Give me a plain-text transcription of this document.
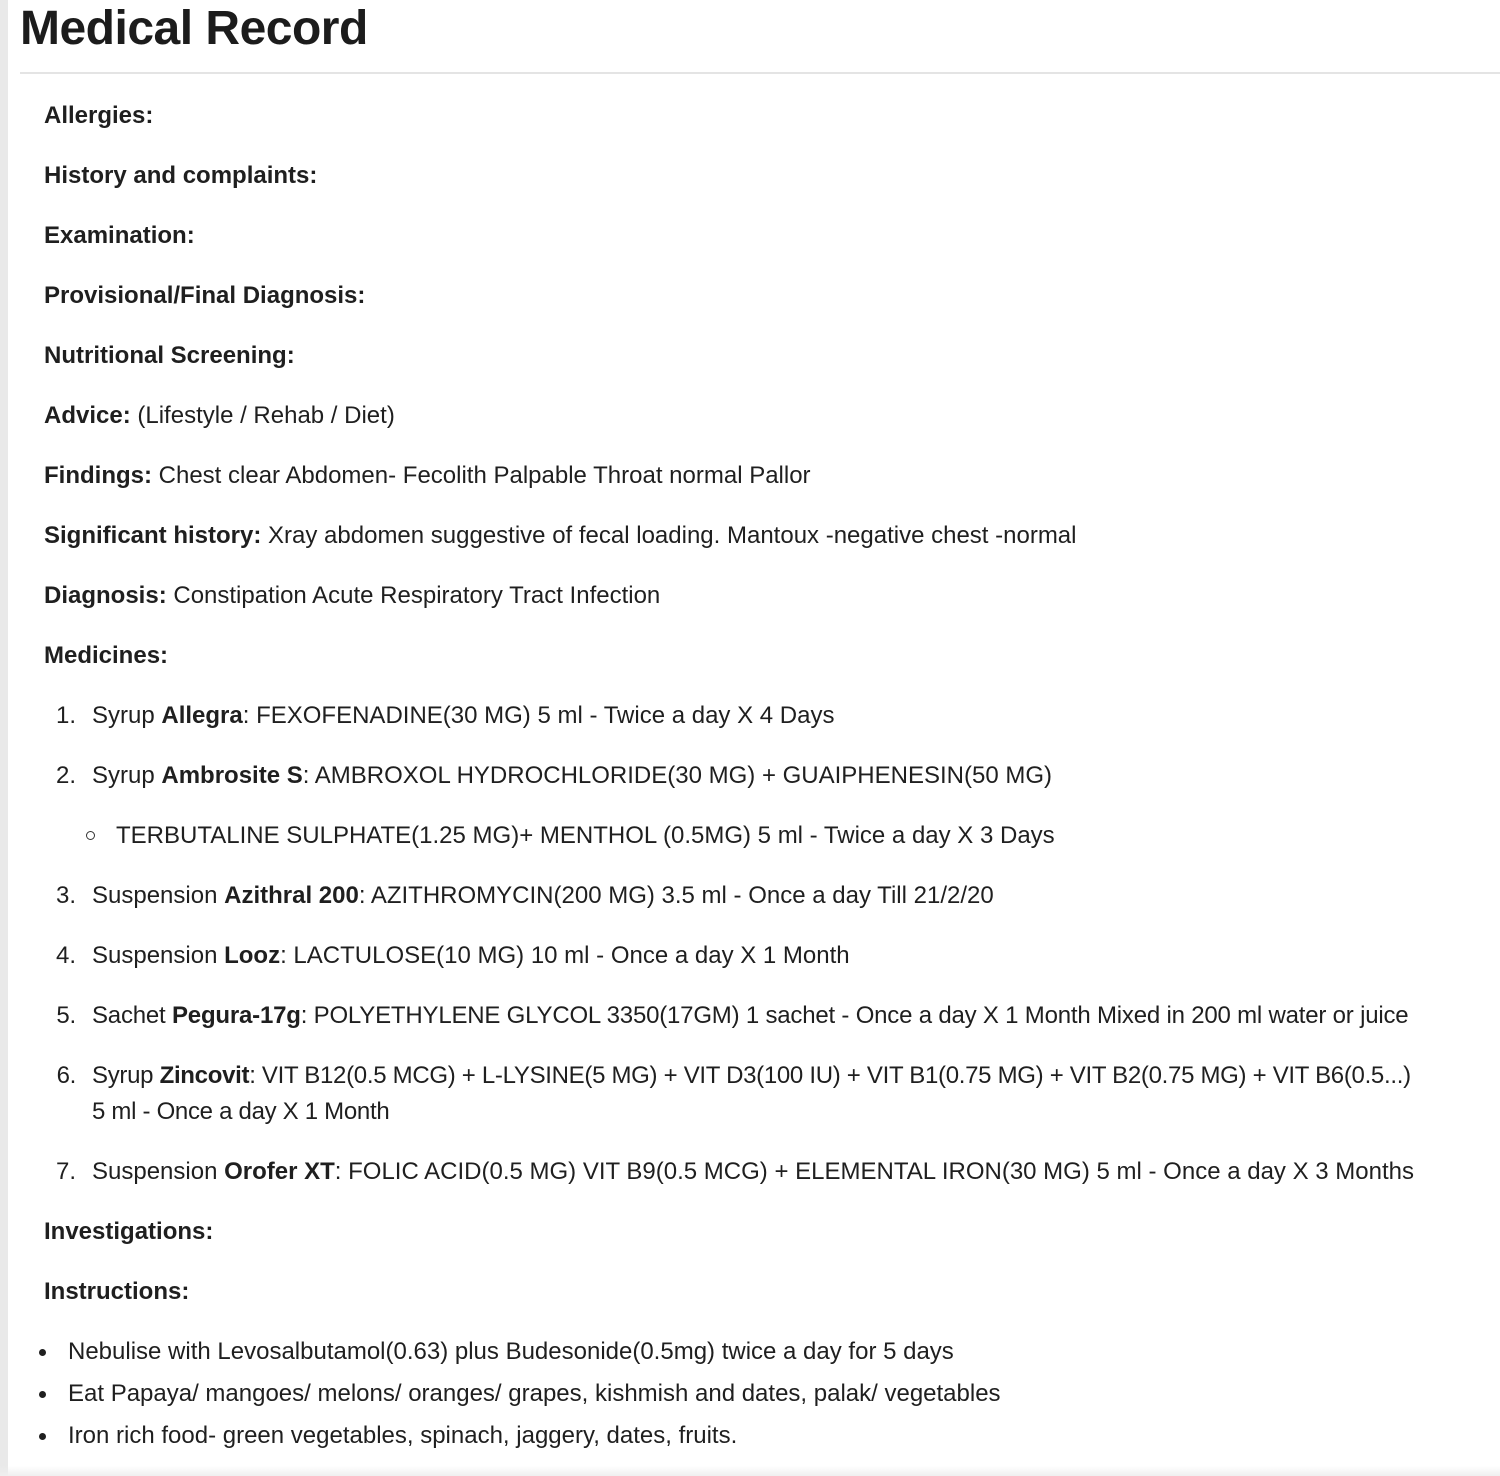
Medical Record

Allergies:

History and complaints:

Examination:

Provisional/Final Diagnosis:

Nutritional Screening:

Advice: (Lifestyle / Rehab / Diet)

Findings: Chest clear Abdomen- Fecolith Palpable Throat normal Pallor

Significant history: Xray abdomen suggestive of fecal loading. Mantoux -negative chest -normal

Diagnosis: Constipation Acute Respiratory Tract Infection

Medicines:

1. Syrup Allegra: FEXOFENADINE(30 MG) 5 ml - Twice a day X 4 Days
2. Syrup Ambrosite S: AMBROXOL HYDROCHLORIDE(30 MG) + GUAIPHENESIN(50 MG)
TERBUTALINE SULPHATE(1.25 MG)+ MENTHOL (0.5MG) 5 ml - Twice a day X 3 Days
3. Suspension Azithral 200: AZITHROMYCIN(200 MG) 3.5 ml - Once a day Till 21/2/20
4. Suspension Looz: LACTULOSE(10 MG) 10 ml - Once a day X 1 Month
5. Sachet Pegura-17g: POLYETHYLENE GLYCOL 3350(17GM) 1 sachet - Once a day X 1 Month Mixed in 200 ml water or juice
6. Syrup Zincovit: VIT B12(0.5 MCG) + L-LYSINE(5 MG) + VIT D3(100 IU) + VIT B1(0.75 MG) + VIT B2(0.75 MG) + VIT B6(0.5...)
5 ml - Once a day X 1 Month
7. Suspension Orofer XT: FOLIC ACID(0.5 MG) VIT B9(0.5 MCG) + ELEMENTAL IRON(30 MG) 5 ml - Once a day X 3 Months

Investigations:

Instructions:

Nebulise with Levosalbutamol(0.63) plus Budesonide(0.5mg) twice a day for 5 days
Eat Papaya/ mangoes/ melons/ oranges/ grapes, kishmish and dates, palak/ vegetables
Iron rich food- green vegetables, spinach, jaggery, dates, fruits.
